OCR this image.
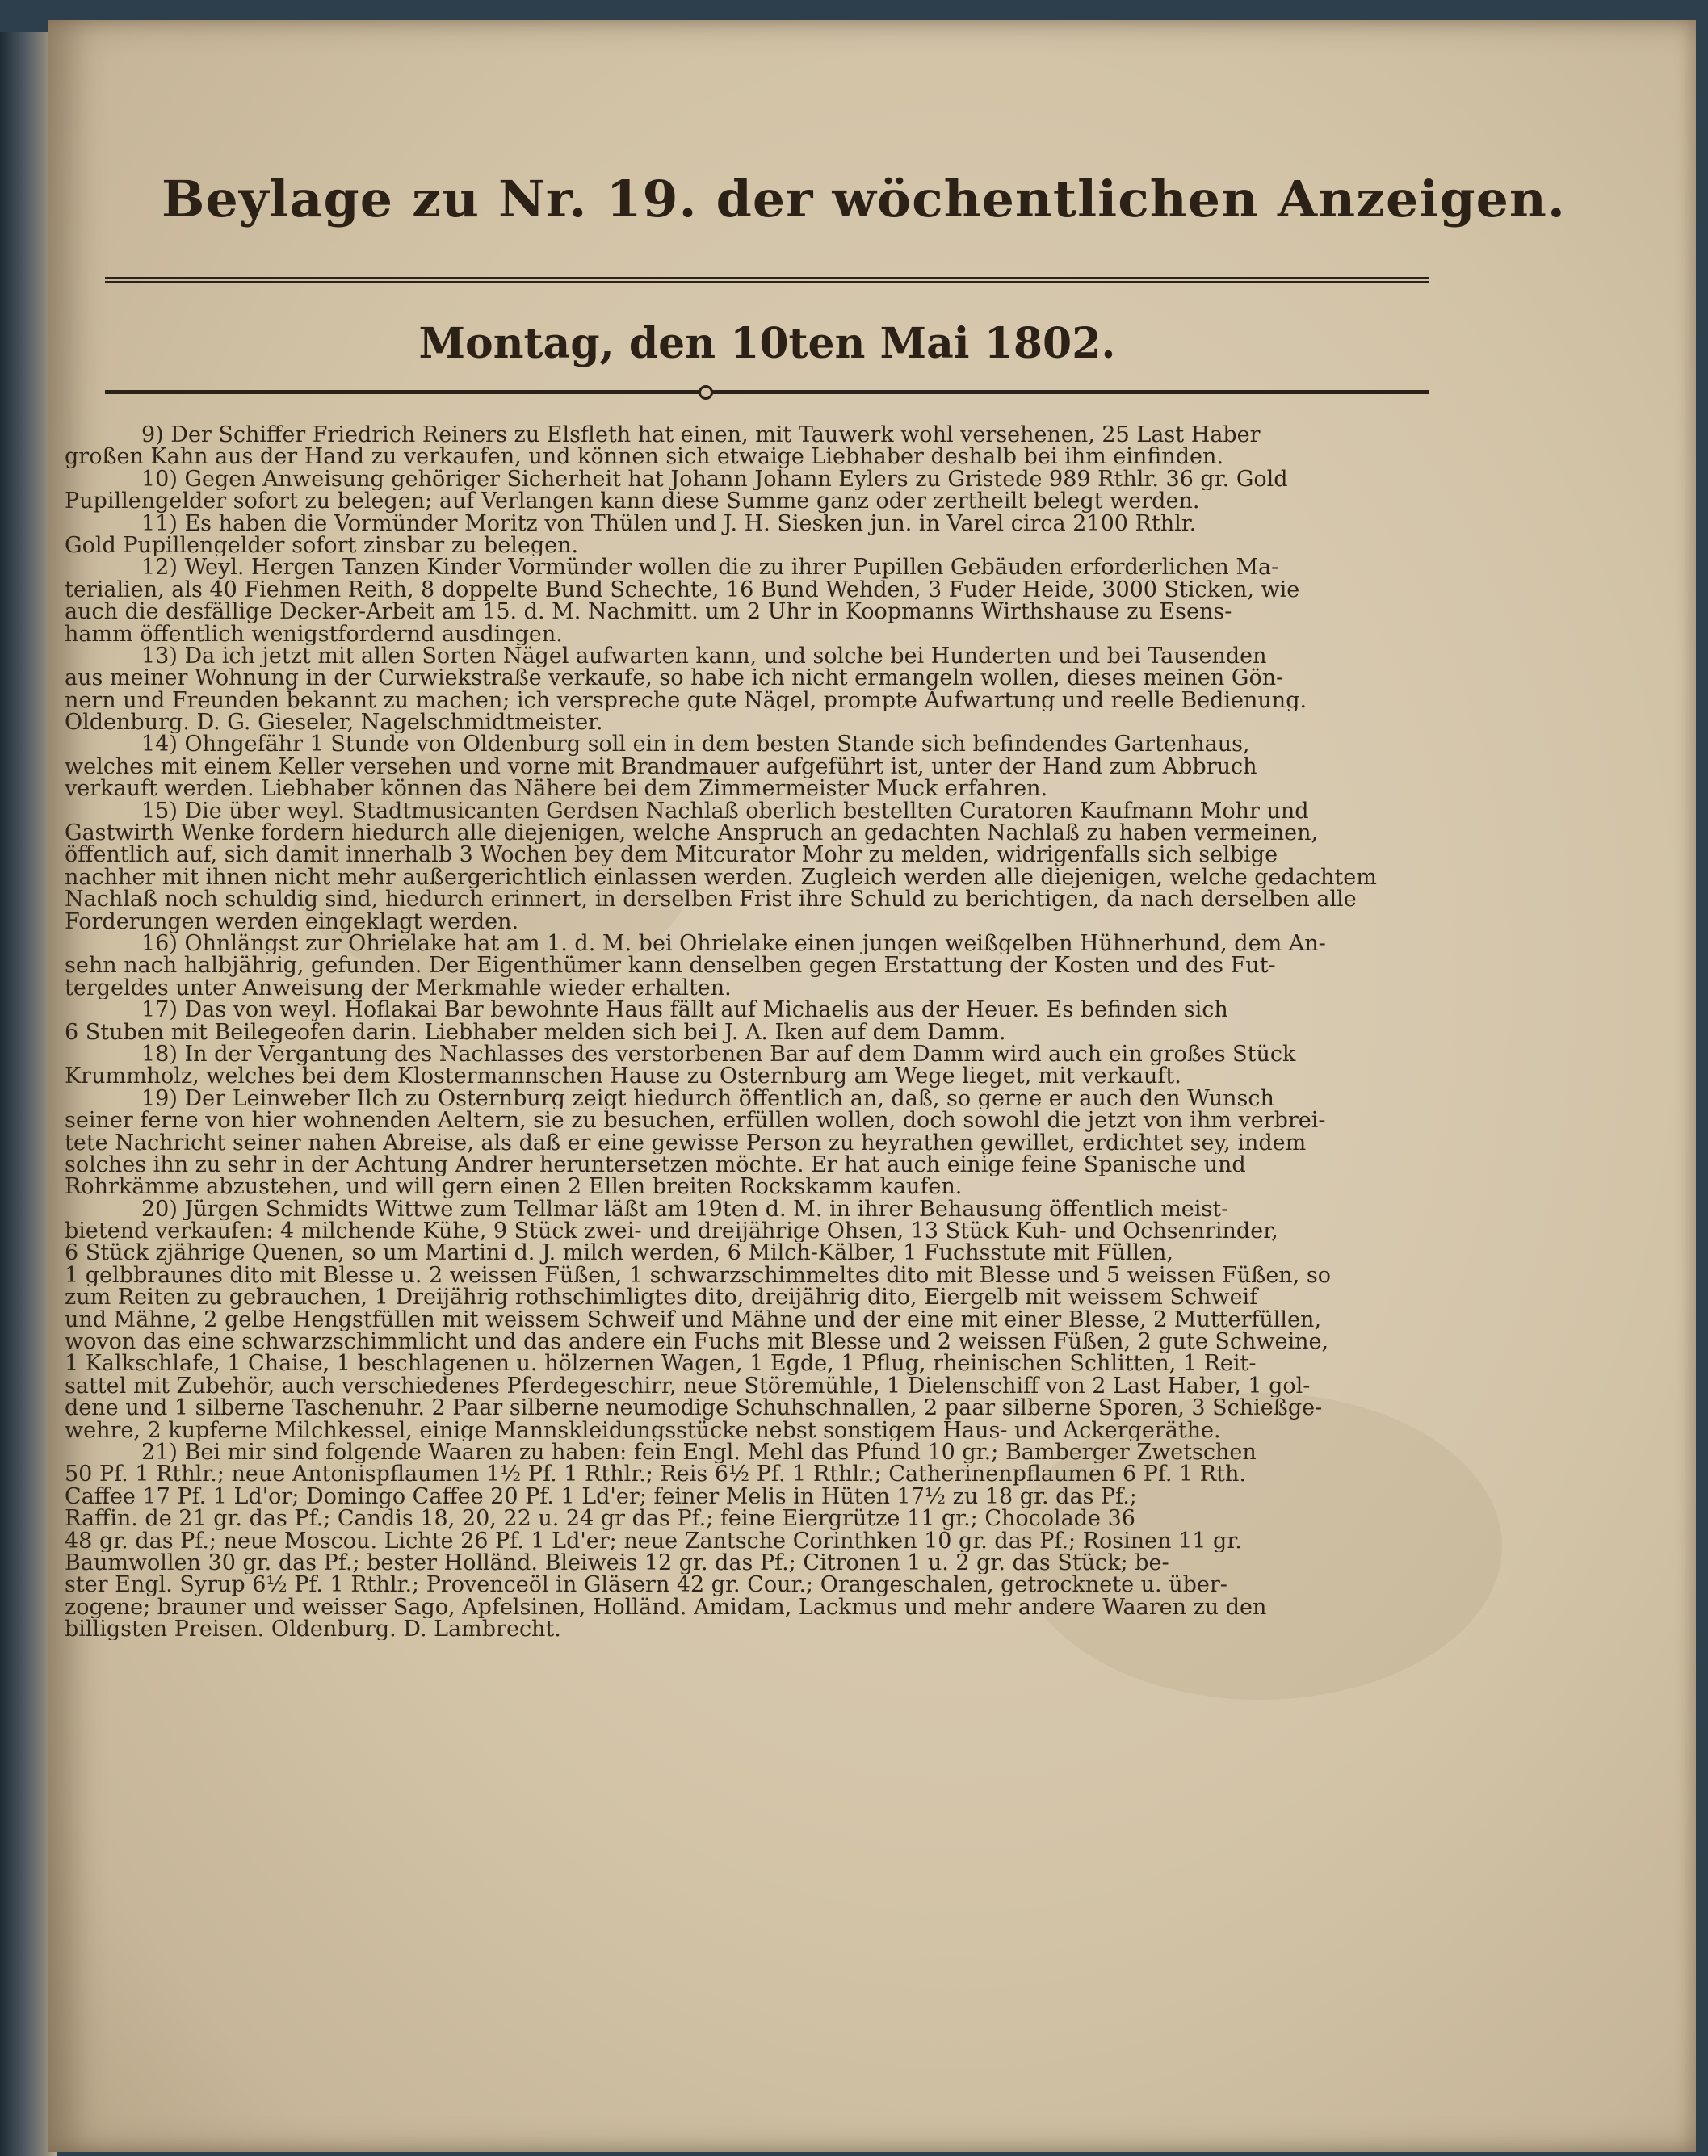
Beylage zu Nr. 19. der wöchentlichen Anzeigen.
Montag, den 10ten Mai 1802.
9) Der Schiffer Friedrich Reiners zu Elsfleth hat einen, mit Tauwerk wohl versehenen, 25 Last Haber
großen Kahn aus der Hand zu verkaufen, und können sich etwaige Liebhaber deshalb bei ihm einfinden.
10) Gegen Anweisung gehöriger Sicherheit hat Johann Johann Eylers zu Gristede 989 Rthlr. 36 gr. Gold
Pupillengelder sofort zu belegen; auf Verlangen kann diese Summe ganz oder zertheilt belegt werden.
11) Es haben die Vormünder Moritz von Thülen und J. H. Siesken jun. in Varel circa 2100 Rthlr.
Gold Pupillengelder sofort zinsbar zu belegen.
12) Weyl. Hergen Tanzen Kinder Vormünder wollen die zu ihrer Pupillen Gebäuden erforderlichen Ma-
terialien, als 40 Fiehmen Reith, 8 doppelte Bund Schechte, 16 Bund Wehden, 3 Fuder Heide, 3000 Sticken, wie
auch die desfällige Decker-Arbeit am 15. d. M. Nachmitt. um 2 Uhr in Koopmanns Wirthshause zu Esens-
hamm öffentlich wenigstfordernd ausdingen.
13) Da ich jetzt mit allen Sorten Nägel aufwarten kann, und solche bei Hunderten und bei Tausenden
aus meiner Wohnung in der Curwiekstraße verkaufe, so habe ich nicht ermangeln wollen, dieses meinen Gön-
nern und Freunden bekannt zu machen; ich verspreche gute Nägel, prompte Aufwartung und reelle Bedienung.
Oldenburg. D. G. Gieseler, Nagelschmidtmeister.
14) Ohngefähr 1 Stunde von Oldenburg soll ein in dem besten Stande sich befindendes Gartenhaus,
welches mit einem Keller versehen und vorne mit Brandmauer aufgeführt ist, unter der Hand zum Abbruch
verkauft werden. Liebhaber können das Nähere bei dem Zimmermeister Muck erfahren.
15) Die über weyl. Stadtmusicanten Gerdsen Nachlaß oberlich bestellten Curatoren Kaufmann Mohr und
Gastwirth Wenke fordern hiedurch alle diejenigen, welche Anspruch an gedachten Nachlaß zu haben vermeinen,
öffentlich auf, sich damit innerhalb 3 Wochen bey dem Mitcurator Mohr zu melden, widrigenfalls sich selbige
nachher mit ihnen nicht mehr außergerichtlich einlassen werden. Zugleich werden alle diejenigen, welche gedachtem
Nachlaß noch schuldig sind, hiedurch erinnert, in derselben Frist ihre Schuld zu berichtigen, da nach derselben alle
Forderungen werden eingeklagt werden.
16) Ohnlängst zur Ohrielake hat am 1. d. M. bei Ohrielake einen jungen weißgelben Hühnerhund, dem An-
sehn nach halbjährig, gefunden. Der Eigenthümer kann denselben gegen Erstattung der Kosten und des Fut-
tergeldes unter Anweisung der Merkmahle wieder erhalten.
17) Das von weyl. Hoflakai Bar bewohnte Haus fällt auf Michaelis aus der Heuer. Es befinden sich
6 Stuben mit Beilegeofen darin. Liebhaber melden sich bei J. A. Iken auf dem Damm.
18) In der Vergantung des Nachlasses des verstorbenen Bar auf dem Damm wird auch ein großes Stück
Krummholz, welches bei dem Klostermannschen Hause zu Osternburg am Wege lieget, mit verkauft.
19) Der Leinweber Ilch zu Osternburg zeigt hiedurch öffentlich an, daß, so gerne er auch den Wunsch
seiner ferne von hier wohnenden Aeltern, sie zu besuchen, erfüllen wollen, doch sowohl die jetzt von ihm verbrei-
tete Nachricht seiner nahen Abreise, als daß er eine gewisse Person zu heyrathen gewillet, erdichtet sey, indem
solches ihn zu sehr in der Achtung Andrer heruntersetzen möchte. Er hat auch einige feine Spanische und
Rohrkämme abzustehen, und will gern einen 2 Ellen breiten Rockskamm kaufen.
20) Jürgen Schmidts Wittwe zum Tellmar läßt am 19ten d. M. in ihrer Behausung öffentlich meist-
bietend verkaufen: 4 milchende Kühe, 9 Stück zwei- und dreijährige Ohsen, 13 Stück Kuh- und Ochsenrinder,
6 Stück zjährige Quenen, so um Martini d. J. milch werden, 6 Milch-Kälber, 1 Fuchsstute mit Füllen,
1 gelbbraunes dito mit Blesse u. 2 weissen Füßen, 1 schwarzschimmeltes dito mit Blesse und 5 weissen Füßen, so
zum Reiten zu gebrauchen, 1 Dreijährig rothschimligtes dito, dreijährig dito, Eiergelb mit weissem Schweif
und Mähne, 2 gelbe Hengstfüllen mit weissem Schweif und Mähne und der eine mit einer Blesse, 2 Mutterfüllen,
wovon das eine schwarzschimmlicht und das andere ein Fuchs mit Blesse und 2 weissen Füßen, 2 gute Schweine,
1 Kalkschlafe, 1 Chaise, 1 beschlagenen u. hölzernen Wagen, 1 Egde, 1 Pflug, rheinischen Schlitten, 1 Reit-
sattel mit Zubehör, auch verschiedenes Pferdegeschirr, neue Störemühle, 1 Dielenschiff von 2 Last Haber, 1 gol-
dene und 1 silberne Taschenuhr. 2 Paar silberne neumodige Schuhschnallen, 2 paar silberne Sporen, 3 Schießge-
wehre, 2 kupferne Milchkessel, einige Mannskleidungsstücke nebst sonstigem Haus- und Ackergeräthe.
21) Bei mir sind folgende Waaren zu haben: fein Engl. Mehl das Pfund 10 gr.; Bamberger Zwetschen
50 Pf. 1 Rthlr.; neue Antonispflaumen 1½ Pf. 1 Rthlr.; Reis 6½ Pf. 1 Rthlr.; Catherinenpflaumen 6 Pf. 1 Rth.
Caffee 17 Pf. 1 Ld'or; Domingo Caffee 20 Pf. 1 Ld'er; feiner Melis in Hüten 17½ zu 18 gr. das Pf.;
Raffin. de 21 gr. das Pf.; Candis 18, 20, 22 u. 24 gr das Pf.; feine Eiergrütze 11 gr.; Chocolade 36
48 gr. das Pf.; neue Moscou. Lichte 26 Pf. 1 Ld'er; neue Zantsche Corinthken 10 gr. das Pf.; Rosinen 11 gr.
Baumwollen 30 gr. das Pf.; bester Holländ. Bleiweis 12 gr. das Pf.; Citronen 1 u. 2 gr. das Stück; be-
ster Engl. Syrup 6½ Pf. 1 Rthlr.; Provenceöl in Gläsern 42 gr. Cour.; Orangeschalen, getrocknete u. über-
zogene; brauner und weisser Sago, Apfelsinen, Holländ. Amidam, Lackmus und mehr andere Waaren zu den
billigsten Preisen. Oldenburg. D. Lambrecht.
